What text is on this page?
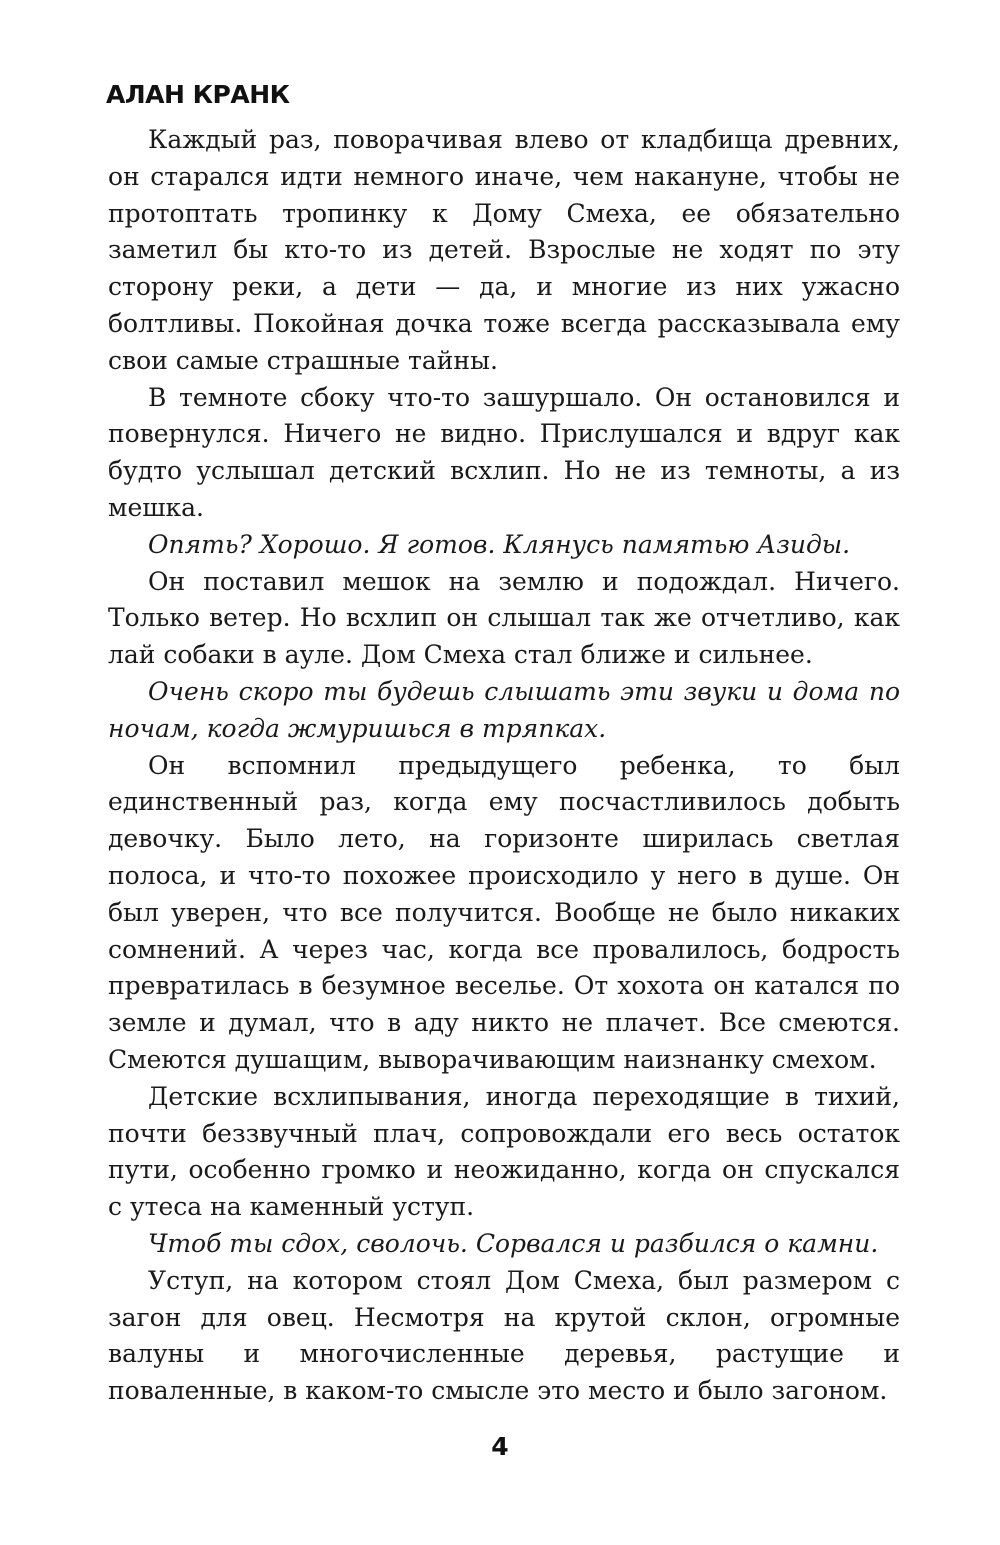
АЛАН КРАНК

Каждый раз, поворачивая влево от кладбища древних, он старался идти немного иначе, чем накануне, чтобы не протоптать тропинку к Дому Смеха, ее обязательно заметил бы кто-то из детей. Взрослые не ходят по эту сторону реки, а дети — да, и многие из них ужасно болтливы. Покойная дочка тоже всегда рассказывала ему свои самые страшные тайны.

В темноте сбоку что-то зашуршало. Он остановился и повернулся. Ничего не видно. Прислушался и вдруг как будто услышал детский всхлип. Но не из темноты, а из мешка.

Опять? Хорошо. Я готов. Клянусь памятью Азиды.

Он поставил мешок на землю и подождал. Ничего. Только ветер. Но всхлип он слышал так же отчетливо, как лай собаки в ауле. Дом Смеха стал ближе и сильнее.

Очень скоро ты будешь слышать эти звуки и дома по ночам, когда жмуришься в тряпках.

Он вспомнил предыдущего ребенка, то был единственный раз, когда ему посчастливилось добыть девочку. Было лето, на горизонте ширилась светлая полоса, и что-то похожее происходило у него в душе. Он был уверен, что все получится. Вообще не было никаких сомнений. А через час, когда все провалилось, бодрость превратилась в безумное веселье. От хохота он катался по земле и думал, что в аду никто не плачет. Все смеются. Смеются душащим, выворачивающим наизнанку смехом.

Детские всхлипывания, иногда переходящие в тихий, почти беззвучный плач, сопровождали его весь остаток пути, особенно громко и неожиданно, когда он спускался с утеса на каменный уступ.

Чтоб ты сдох, сволочь. Сорвался и разбился о камни.

Уступ, на котором стоял Дом Смеха, был размером с загон для овец. Несмотря на крутой склон, огромные валуны и многочисленные деревья, растущие и поваленные, в каком-то смысле это место и было загоном.

4
